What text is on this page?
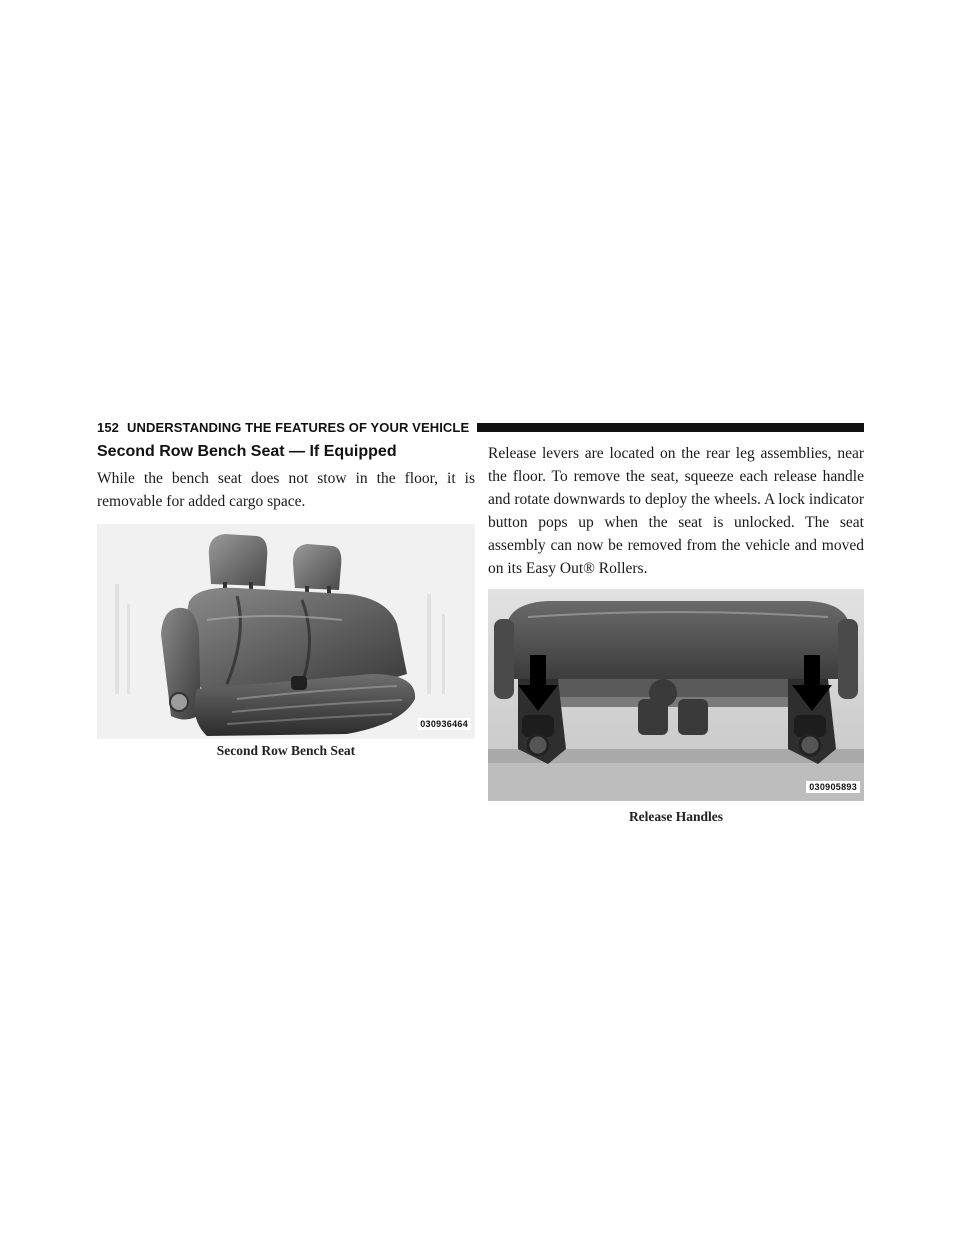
152 UNDERSTANDING THE FEATURES OF YOUR VEHICLE
Second Row Bench Seat — If Equipped

While the bench seat does not stow in the floor, it is removable for added cargo space.

030936464
Second Row Bench Seat

Release levers are located on the rear leg assemblies, near the floor. To remove the seat, squeeze each release handle and rotate downwards to deploy the wheels. A lock indicator button pops up when the seat is unlocked. The seat assembly can now be removed from the vehicle and moved on its Easy Out® Rollers.

030905893
Release Handles
